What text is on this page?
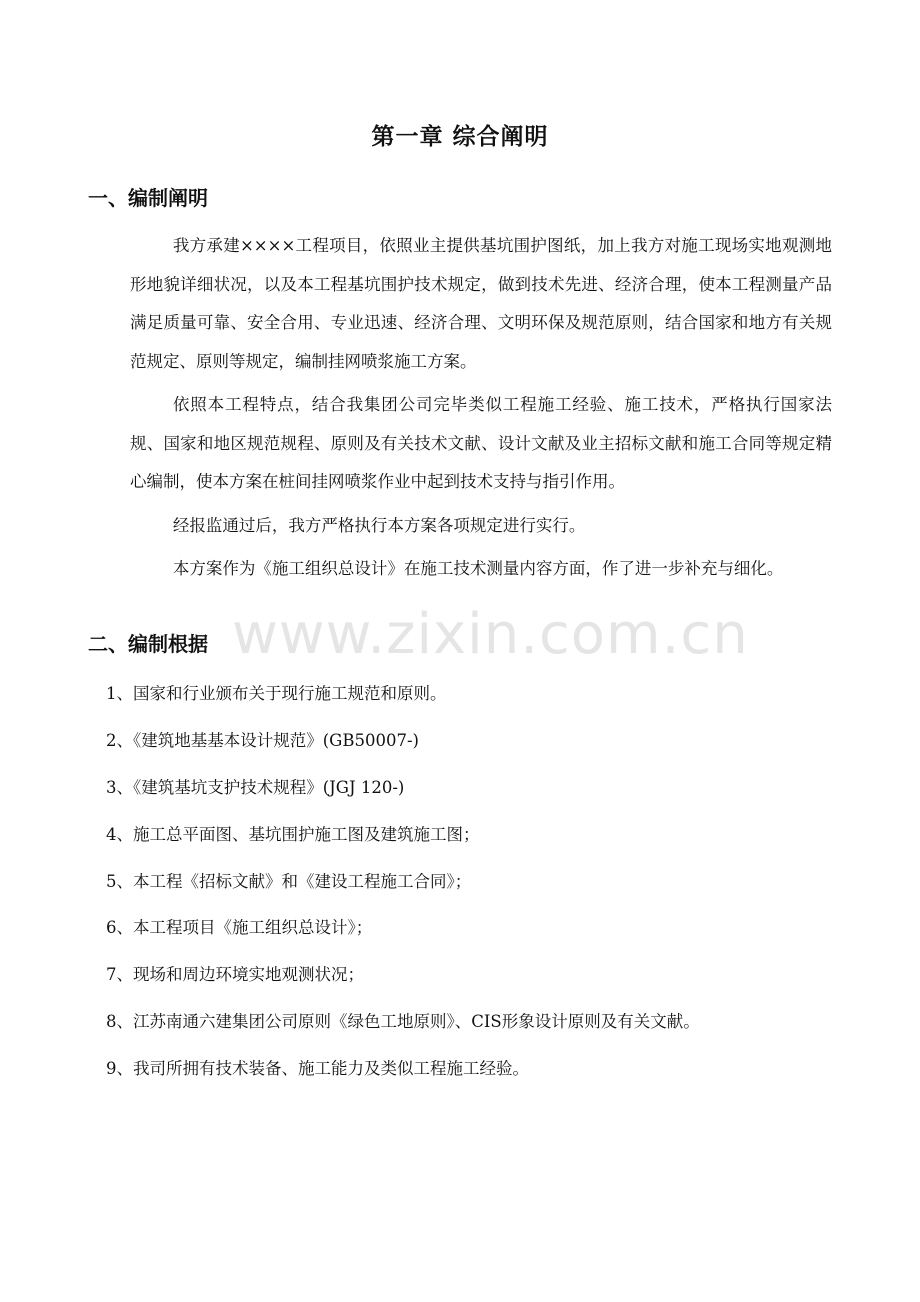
第一章 综合阐明
一、编制阐明

我方承建××××工程项目，依照业主提供基坑围护图纸，加上我方对施工现场实地观测地形地貌详细状况，以及本工程基坑围护技术规定，做到技术先进、经济合理，使本工程测量产品满足质量可靠、安全合用、专业迅速、经济合理、文明环保及规范原则，结合国家和地方有关规范规定、原则等规定，编制挂网喷浆施工方案。

依照本工程特点，结合我集团公司完毕类似工程施工经验、施工技术，严格执行国家法规、国家和地区规范规程、原则及有关技术文献、设计文献及业主招标文献和施工合同等规定精心编制，使本方案在桩间挂网喷浆作业中起到技术支持与指引作用。

经报监通过后，我方严格执行本方案各项规定进行实行。

本方案作为《施工组织总设计》在施工技术测量内容方面，作了进一步补充与细化。

www.zixin.com.cn
二、编制根据
1、国家和行业颁布关于现行施工规范和原则。
2、《建筑地基基本设计规范》(GB50007-)
3、《建筑基坑支护技术规程》(JGJ 120-)
4、施工总平面图、基坑围护施工图及建筑施工图；
5、本工程《招标文献》和《建设工程施工合同》；
6、本工程项目《施工组织总设计》；
7、现场和周边环境实地观测状况；
8、江苏南通六建集团公司原则《绿色工地原则》、CIS形象设计原则及有关文献。
9、我司所拥有技术装备、施工能力及类似工程施工经验。
